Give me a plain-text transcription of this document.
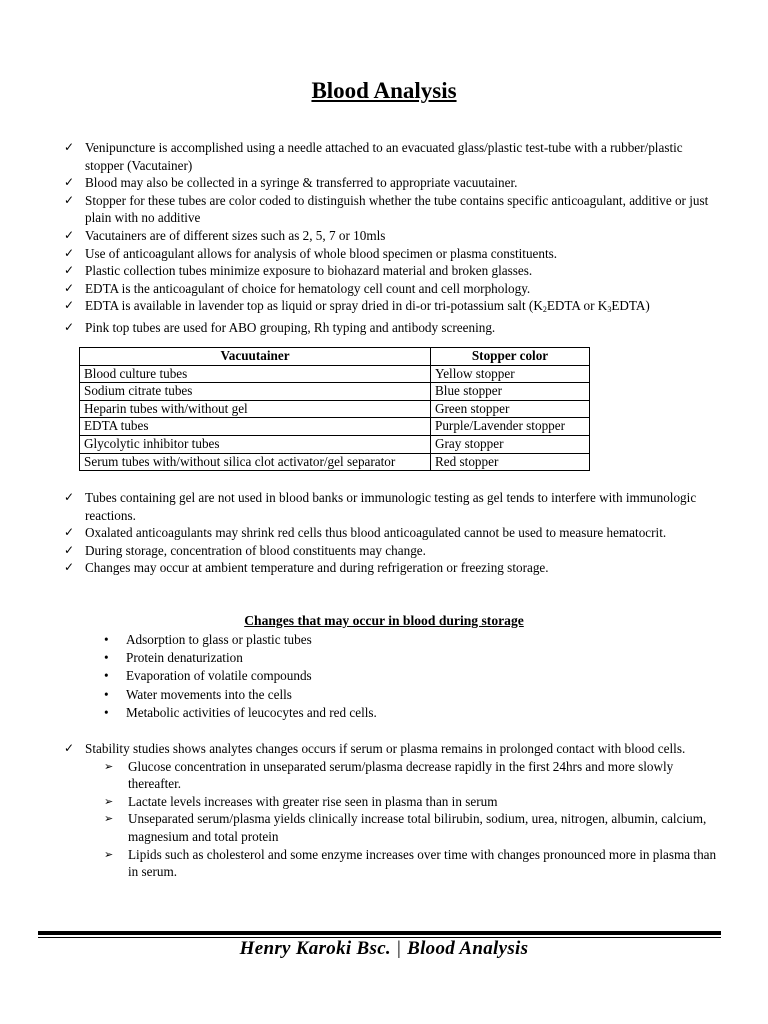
Blood Analysis
✓ Venipuncture is accomplished using a needle attached to an evacuated glass/plastic test-tube with a rubber/plastic stopper (Vacutainer)
✓ Blood may also be collected in a syringe & transferred to appropriate vacuutainer.
✓ Stopper for these tubes are color coded to distinguish whether the tube contains specific anticoagulant, additive or just plain with no additive
✓ Vacutainers are of different sizes such as 2, 5, 7 or 10mls
✓ Use of anticoagulant allows for analysis of whole blood specimen or plasma constituents.
✓ Plastic collection tubes minimize exposure to biohazard material and broken glasses.
✓ EDTA is the anticoagulant of choice for hematology cell count and cell morphology.
✓ EDTA is available in lavender top as liquid or spray dried in di-or tri-potassium salt ($K_2EDTA$ or $K_3EDTA$)
✓ Pink top tubes are used for ABO grouping, Rh typing and antibody screening.
Vacuutainer	Stopper color
Blood culture tubes	Yellow stopper
Sodium citrate tubes	Blue stopper
Heparin tubes with/without gel	Green stopper
EDTA tubes	Purple/Lavender stopper
Glycolytic inhibitor tubes	Gray stopper
Serum tubes with/without silica clot activator/gel separator	Red stopper
✓ Tubes containing gel are not used in blood banks or immunologic testing as gel tends to interfere with immunologic reactions.
✓ Oxalated anticoagulants may shrink red cells thus blood anticoagulated cannot be used to measure hematocrit.
✓ During storage, concentration of blood constituents may change.
✓ Changes may occur at ambient temperature and during refrigeration or freezing storage.
Changes that may occur in blood during storage
• Adsorption to glass or plastic tubes
• Protein denaturization
• Evaporation of volatile compounds
• Water movements into the cells
• Metabolic activities of leucocytes and red cells.
✓ Stability studies shows analytes changes occurs if serum or plasma remains in prolonged contact with blood cells.
➢ Glucose concentration in unseparated serum/plasma decrease rapidly in the first 24hrs and more slowly thereafter.
➢ Lactate levels increases with greater rise seen in plasma than in serum
➢ Unseparated serum/plasma yields clinically increase total bilirubin, sodium, urea, nitrogen, albumin, calcium, magnesium and total protein
➢ Lipids such as cholesterol and some enzyme increases over time with changes pronounced more in plasma than in serum.
Henry Karoki Bsc. | Blood Analysis
